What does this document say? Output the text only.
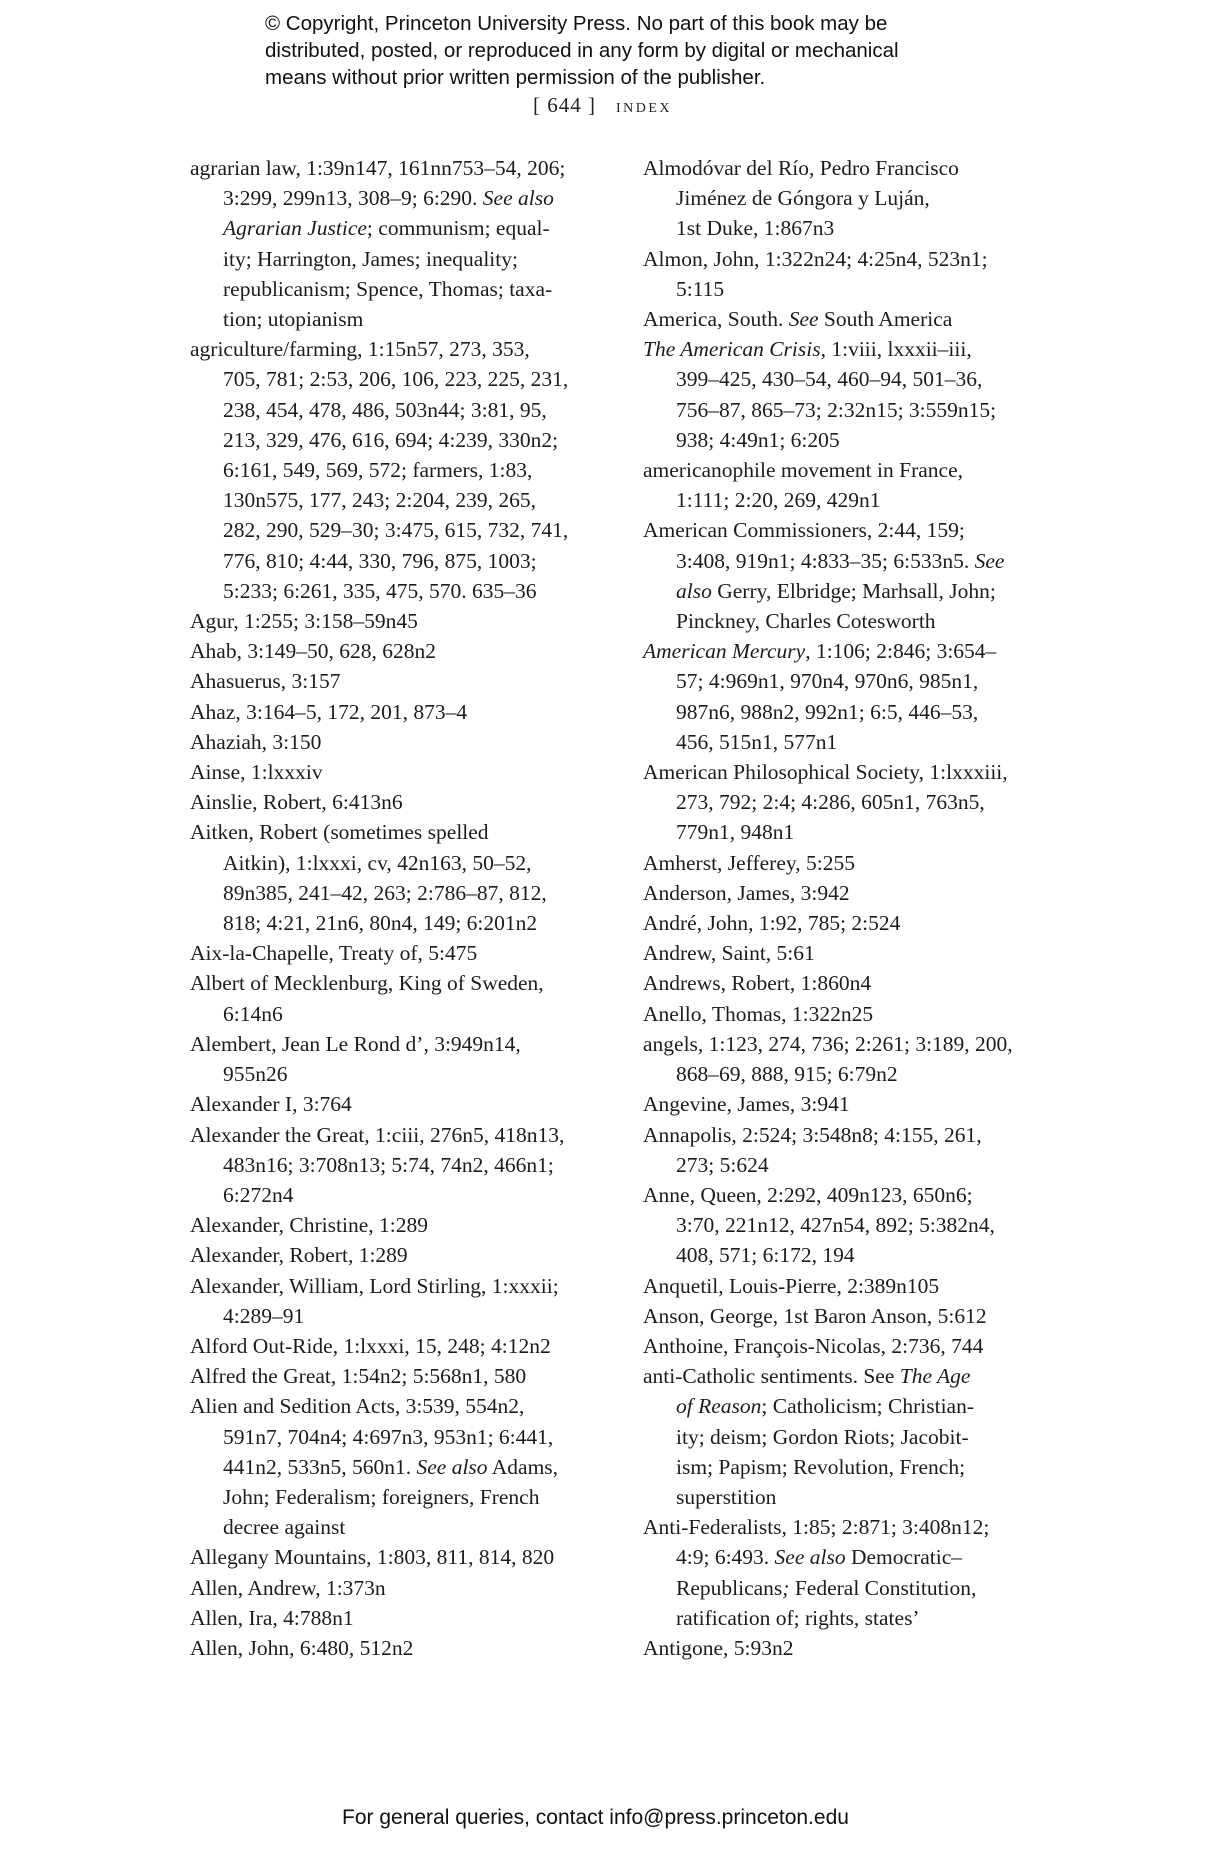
© Copyright, Princeton University Press. No part of this book may be
distributed, posted, or reproduced in any form by digital or mechanical
means without prior written permission of the publisher.
[ 644 ] index
agrarian law, 1:39n147, 161nn753–54, 206;
3:299, 299n13, 308–9; 6:290. See also
Agrarian Justice; communism; equal-
ity; Harrington, James; inequality;
republicanism; Spence, Thomas; taxa-
tion; utopianism
agriculture/farming, 1:15n57, 273, 353,
705, 781; 2:53, 206, 106, 223, 225, 231,
238, 454, 478, 486, 503n44; 3:81, 95,
213, 329, 476, 616, 694; 4:239, 330n2;
6:161, 549, 569, 572; farmers, 1:83,
130n575, 177, 243; 2:204, 239, 265,
282, 290, 529–30; 3:475, 615, 732, 741,
776, 810; 4:44, 330, 796, 875, 1003;
5:233; 6:261, 335, 475, 570. 635–36
Agur, 1:255; 3:158–59n45
Ahab, 3:149–50, 628, 628n2
Ahasuerus, 3:157
Ahaz, 3:164–5, 172, 201, 873–4
Ahaziah, 3:150
Ainse, 1:lxxxiv
Ainslie, Robert, 6:413n6
Aitken, Robert (sometimes spelled
Aitkin), 1:lxxxi, cv, 42n163, 50–52,
89n385, 241–42, 263; 2:786–87, 812,
818; 4:21, 21n6, 80n4, 149; 6:201n2
Aix-la-Chapelle, Treaty of, 5:475
Albert of Mecklenburg, King of Sweden,
6:14n6
Alembert, Jean Le Rond d’, 3:949n14,
955n26
Alexander I, 3:764
Alexander the Great, 1:ciii, 276n5, 418n13,
483n16; 3:708n13; 5:74, 74n2, 466n1;
6:272n4
Alexander, Christine, 1:289
Alexander, Robert, 1:289
Alexander, William, Lord Stirling, 1:xxxii;
4:289–91
Alford Out-Ride, 1:lxxxi, 15, 248; 4:12n2
Alfred the Great, 1:54n2; 5:568n1, 580
Alien and Sedition Acts, 3:539, 554n2,
591n7, 704n4; 4:697n3, 953n1; 6:441,
441n2, 533n5, 560n1. See also Adams,
John; Federalism; foreigners, French
decree against
Allegany Mountains, 1:803, 811, 814, 820
Allen, Andrew, 1:373n
Allen, Ira, 4:788n1
Allen, John, 6:480, 512n2
Almodóvar del Río, Pedro Francisco
Jiménez de Góngora y Luján,
1st Duke, 1:867n3
Almon, John, 1:322n24; 4:25n4, 523n1;
5:115
America, South. See South America
The American Crisis, 1:viii, lxxxii–iii,
399–425, 430–54, 460–94, 501–36,
756–87, 865–73; 2:32n15; 3:559n15;
938; 4:49n1; 6:205
americanophile movement in France,
1:111; 2:20, 269, 429n1
American Commissioners, 2:44, 159;
3:408, 919n1; 4:833–35; 6:533n5. See
also Gerry, Elbridge; Marhsall, John;
Pinckney, Charles Cotesworth
American Mercury, 1:106; 2:846; 3:654–
57; 4:969n1, 970n4, 970n6, 985n1,
987n6, 988n2, 992n1; 6:5, 446–53,
456, 515n1, 577n1
American Philosophical Society, 1:lxxxiii,
273, 792; 2:4; 4:286, 605n1, 763n5,
779n1, 948n1
Amherst, Jefferey, 5:255
Anderson, James, 3:942
André, John, 1:92, 785; 2:524
Andrew, Saint, 5:61
Andrews, Robert, 1:860n4
Anello, Thomas, 1:322n25
angels, 1:123, 274, 736; 2:261; 3:189, 200,
868–69, 888, 915; 6:79n2
Angevine, James, 3:941
Annapolis, 2:524; 3:548n8; 4:155, 261,
273; 5:624
Anne, Queen, 2:292, 409n123, 650n6;
3:70, 221n12, 427n54, 892; 5:382n4,
408, 571; 6:172, 194
Anquetil, Louis-Pierre, 2:389n105
Anson, George, 1st Baron Anson, 5:612
Anthoine, François-Nicolas, 2:736, 744
anti-Catholic sentiments. See The Age
of Reason; Catholicism; Christian-
ity; deism; Gordon Riots; Jacobit-
ism; Papism; Revolution, French;
superstition
Anti-Federalists, 1:85; 2:871; 3:408n12;
4:9; 6:493. See also Democratic–
Republicans; Federal Constitution,
ratification of; rights, states’
Antigone, 5:93n2
For general queries, contact info@press.princeton.edu
